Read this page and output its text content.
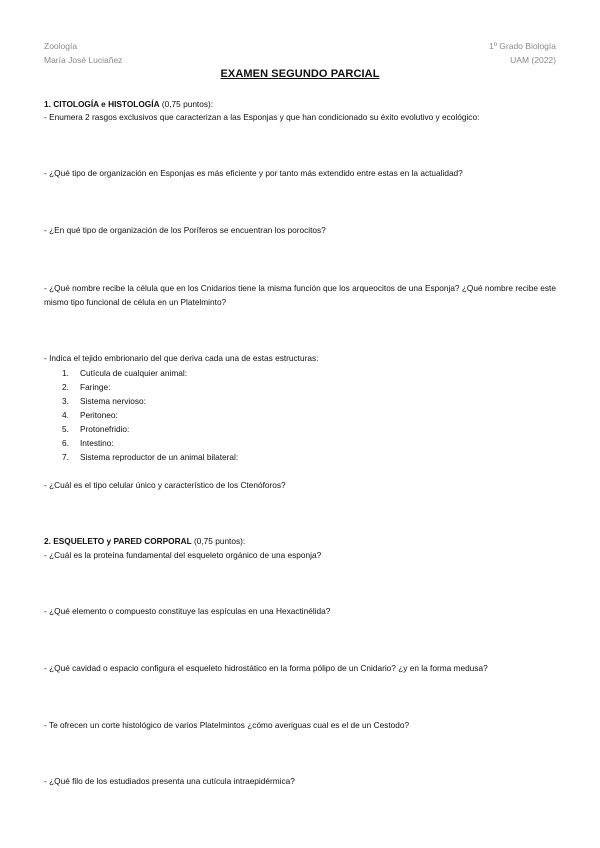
Zoología
María José Luciañez
1º Grado Biología
UAM (2022)
EXAMEN SEGUNDO PARCIAL
1. CITOLOGÍA e HISTOLOGÍA (0,75 puntos):
- Enumera 2 rasgos exclusivos que caracterizan a las Esponjas y que han condicionado su éxito evolutivo y ecológico:
- ¿Qué tipo de organización en Esponjas es más eficiente y por tanto más extendido entre estas en la actualidad?
- ¿En qué tipo de organización de los Poríferos se encuentran los porocitos?
- ¿Qué nombre recibe la célula que en los Cnidarios tiene la misma función que los arqueocitos de una Esponja? ¿Qué nombre recibe este mismo tipo funcional de célula en un Platelminto?
- Indica el tejido embrionario del que deriva cada una de estas estructuras:
1. Cutícula de cualquier animal:
2. Faringe:
3. Sistema nervioso:
4. Peritoneo:
5. Protonefridio:
6. Intestino:
7. Sistema reproductor de un animal bilateral:
- ¿Cuál es el tipo celular único y característico de los Ctenóforos?
2. ESQUELETO y PARED CORPORAL (0,75 puntos):
- ¿Cuál es la proteína fundamental del esqueleto orgánico de una esponja?
- ¿Qué elemento o compuesto constituye las espículas en una Hexactinélida?
- ¿Qué cavidad o espacio configura el esqueleto hidrostático en la forma pólipo de un Cnidario? ¿y en la forma medusa?
- Te ofrecen un corte histológico de varios Platelmintos ¿cómo averiguas cual es el de un Cestodo?
- ¿Qué filo de los estudiados presenta una cutícula intraepidérmica?
